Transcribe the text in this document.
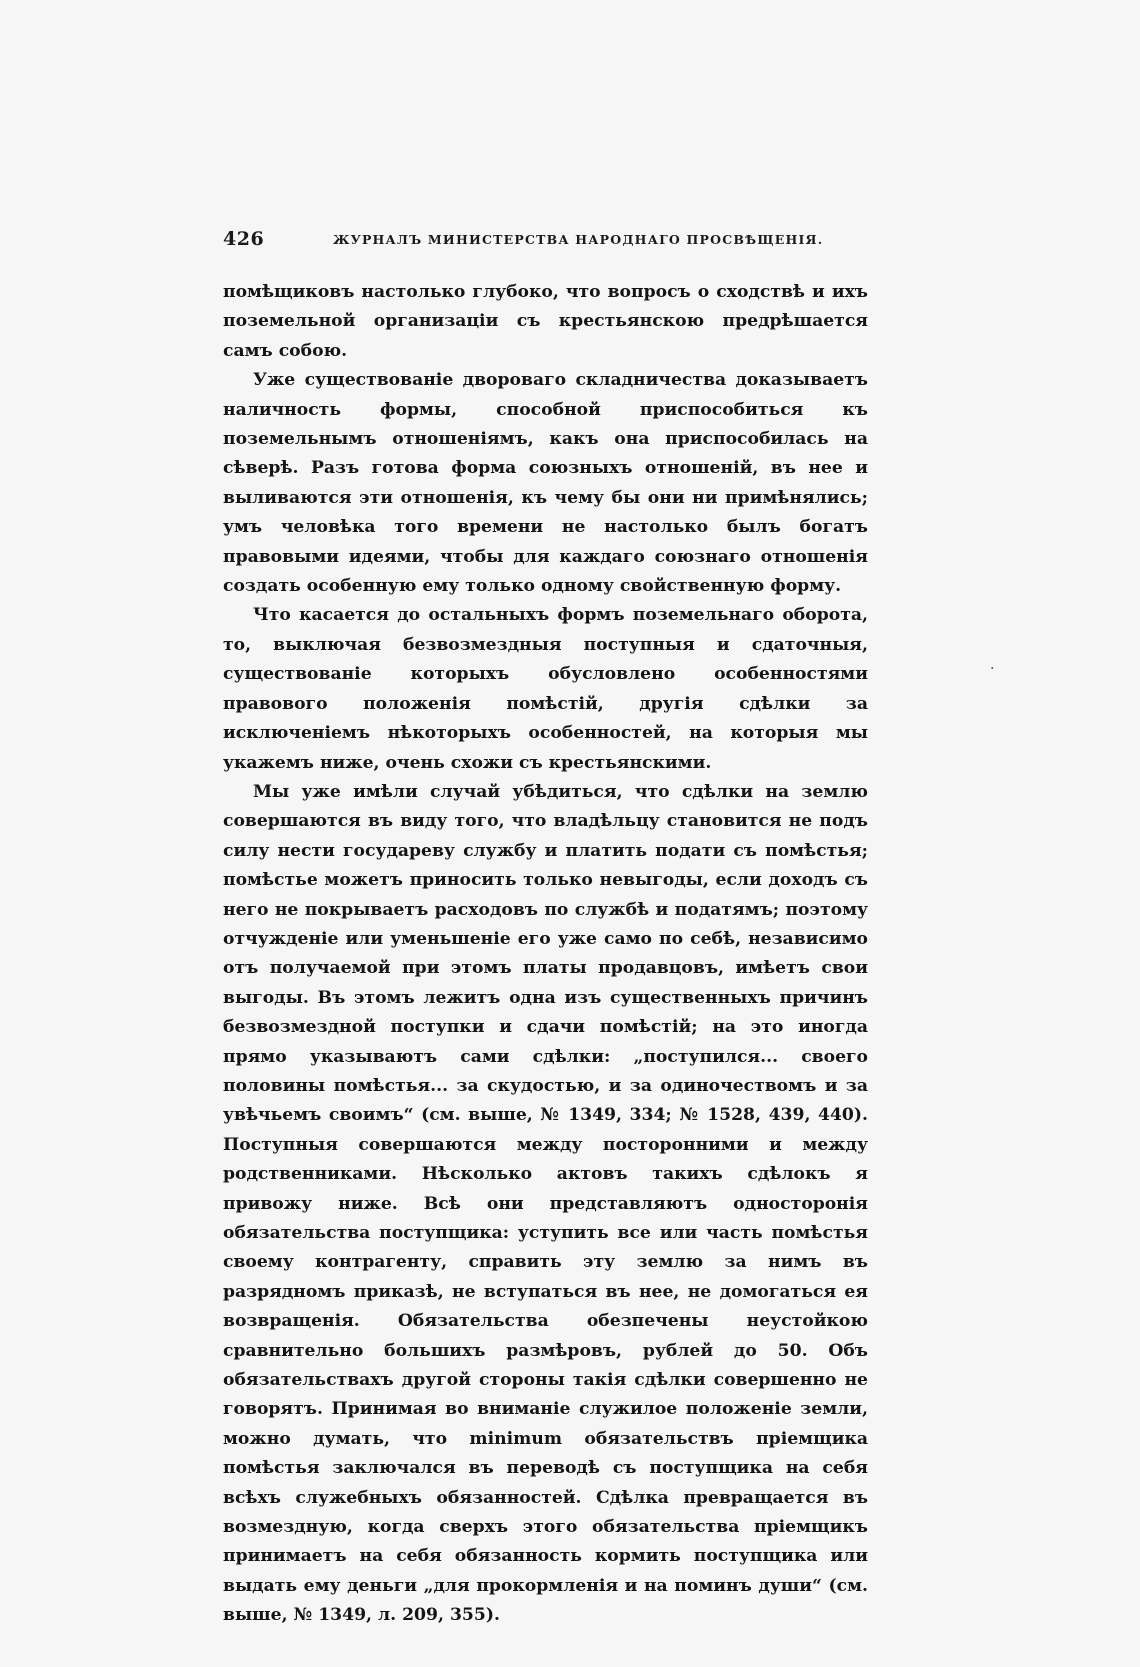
426	ЖУРНАЛЪ МИНИСТЕРСТВА НАРОДНАГО ПРОСВѢЩЕНІЯ.

помѣщиковъ настолько глубоко, что вопросъ о сходствѣ и ихъ поземельной организаціи съ крестьянскою предрѣшается самъ собою.

Уже существованіе двороваго складничества доказываетъ наличность формы, способной приспособиться къ поземельнымъ отношеніямъ, какъ она приспособилась на сѣверѣ. Разъ готова форма союзныхъ отношеній, въ нее и выливаются эти отношенія, къ чему бы они ни примѣнялись; умъ человѣка того времени не настолько былъ богатъ правовыми идеями, чтобы для каждаго союзнаго отношенія создать особенную ему только одному свойственную форму.

Что касается до остальныхъ формъ поземельнаго оборота, то, выключая безвозмездныя поступныя и сдаточныя, существованіе которыхъ обусловлено особенностями правового положенія помѣстій, другія сдѣлки за исключеніемъ нѣкоторыхъ особенностей, на которыя мы укажемъ ниже, очень схожи съ крестьянскими.

Мы уже имѣли случай убѣдиться, что сдѣлки на землю совершаются въ виду того, что владѣльцу становится не подъ силу нести государеву службу и платить подати съ помѣстья; помѣстье можетъ приносить только невыгоды, если доходъ съ него не покрываетъ расходовъ по службѣ и податямъ; поэтому отчужденіе или уменьшеніе его уже само по себѣ, независимо отъ получаемой при этомъ платы продавцовъ, имѣетъ свои выгоды. Въ этомъ лежитъ одна изъ существенныхъ причинъ безвозмездной поступки и сдачи помѣстій; на это иногда прямо указываютъ сами сдѣлки: „поступился... своего половины помѣстья... за скудостью, и за одиночествомъ и за увѣчьемъ своимъ“ (см. выше, № 1349, 334; № 1528, 439, 440). Поступныя совершаются между посторонними и между родственниками. Нѣсколько актовъ такихъ сдѣлокъ я привожу ниже. Всѣ они представляютъ односторонія обязательства поступщика: уступить все или часть помѣстья своему контрагенту, справить эту землю за нимъ въ разрядномъ приказѣ, не вступаться въ нее, не домогаться ея возвращенія. Обязательства обезпечены неустойкою сравнительно большихъ размѣровъ, рублей до 50. Объ обязательствахъ другой стороны такія сдѣлки совершенно не говорятъ. Принимая во вниманіе служилое положеніе земли, можно думать, что minimum обязательствъ пріемщика помѣстья заключался въ переводѣ съ поступщика на себя всѣхъ служебныхъ обязанностей. Сдѣлка превращается въ возмездную, когда сверхъ этого обязательства пріемщикъ принимаетъ на себя обязанность кормить поступщика или выдать ему деньги „для прокормленія и на поминъ души“ (см. выше, № 1349, л. 209, 355).

.
